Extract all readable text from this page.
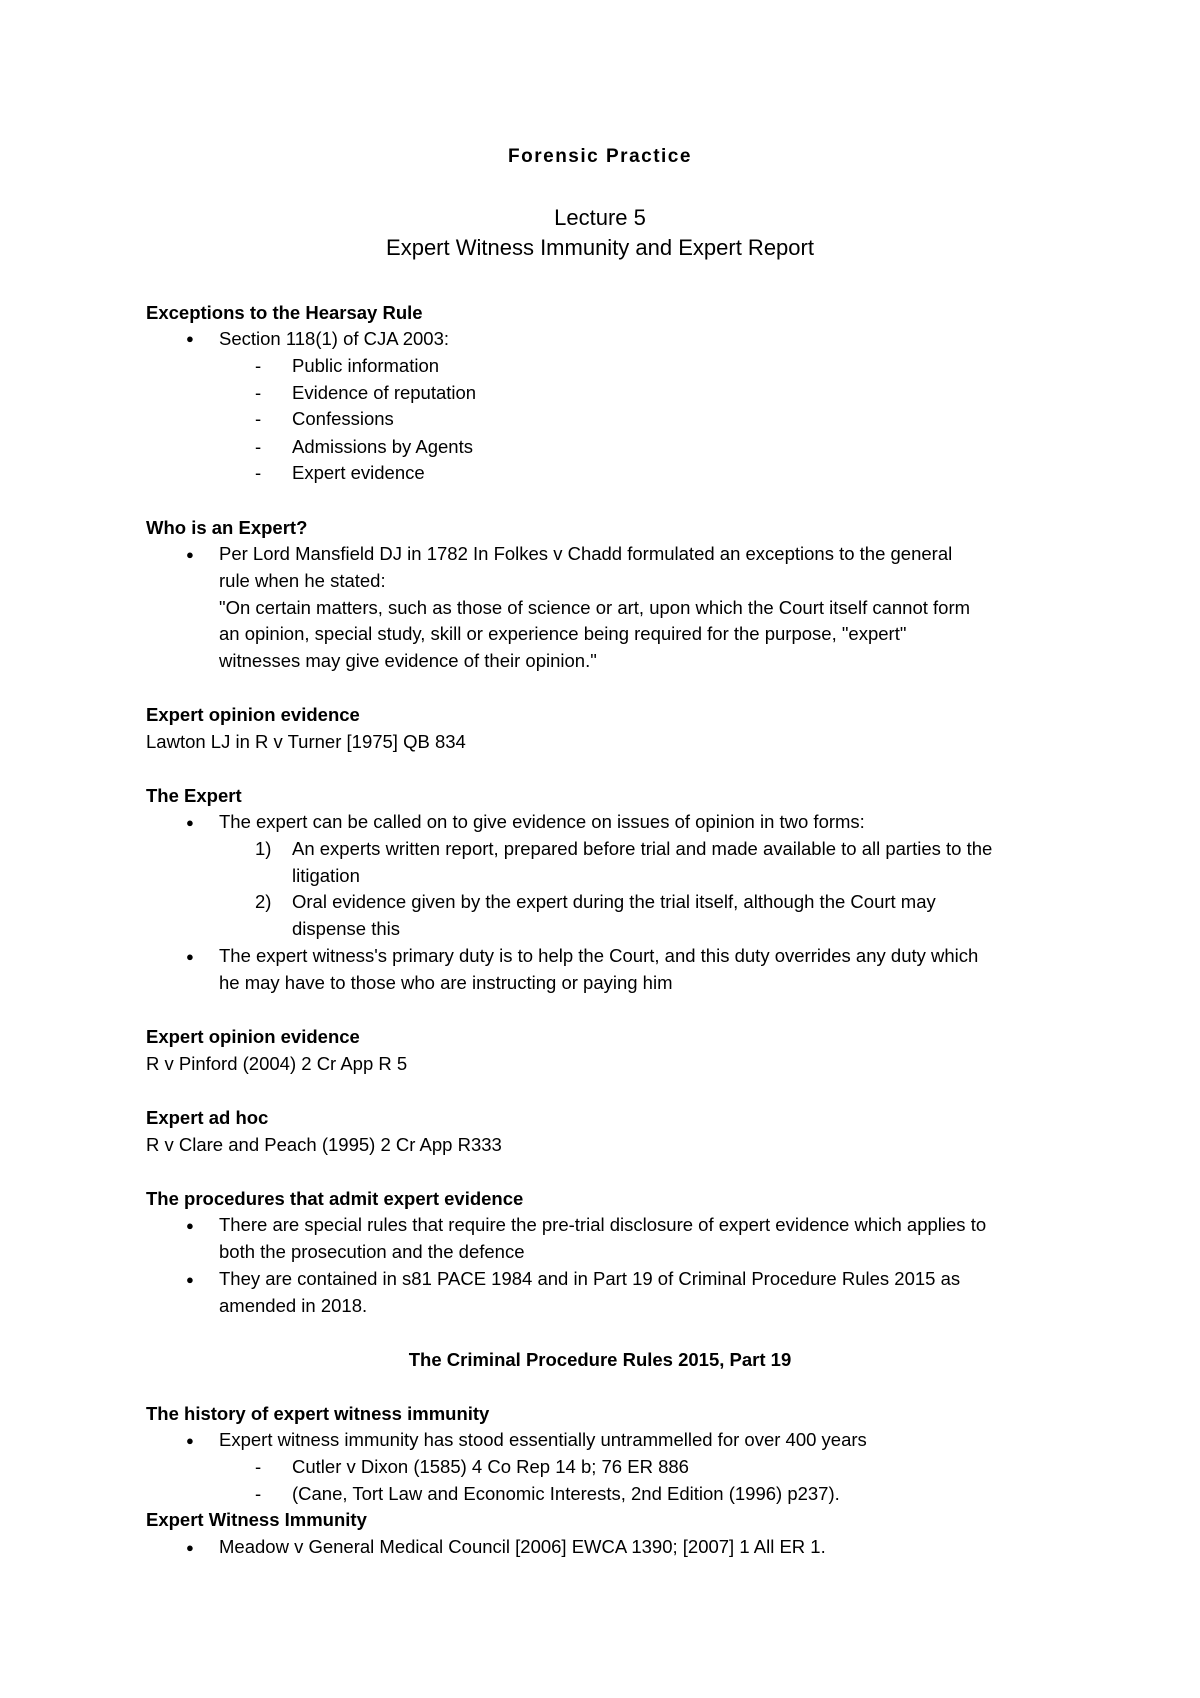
Forensic Practice
Lecture 5
Expert Witness Immunity and Expert Report
Exceptions to the Hearsay Rule
● Section 118(1) of CJA 2003:
- Public information
- Evidence of reputation
- Confessions
- Admissions by Agents
- Expert evidence
Who is an Expert?
● Per Lord Mansfield DJ in 1782 In Folkes v Chadd formulated an exceptions to the general
rule when he stated:
"On certain matters, such as those of science or art, upon which the Court itself cannot form
an opinion, special study, skill or experience being required for the purpose, "expert"
witnesses may give evidence of their opinion."
Expert opinion evidence
Lawton LJ in R v Turner [1975] QB 834
The Expert
● The expert can be called on to give evidence on issues of opinion in two forms:
1) An experts written report, prepared before trial and made available to all parties to the
litigation
2) Oral evidence given by the expert during the trial itself, although the Court may
dispense this
● The expert witness's primary duty is to help the Court, and this duty overrides any duty which
he may have to those who are instructing or paying him
Expert opinion evidence
R v Pinford (2004) 2 Cr App R 5
Expert ad hoc
R v Clare and Peach (1995) 2 Cr App R333
The procedures that admit expert evidence
● There are special rules that require the pre-trial disclosure of expert evidence which applies to
both the prosecution and the defence
● They are contained in s81 PACE 1984 and in Part 19 of Criminal Procedure Rules 2015 as
amended in 2018.
The Criminal Procedure Rules 2015, Part 19
The history of expert witness immunity
● Expert witness immunity has stood essentially untrammelled for over 400 years
- Cutler v Dixon (1585) 4 Co Rep 14 b; 76 ER 886
- (Cane, Tort Law and Economic Interests, 2nd Edition (1996) p237).
Expert Witness Immunity
● Meadow v General Medical Council [2006] EWCA 1390; [2007] 1 All ER 1.
